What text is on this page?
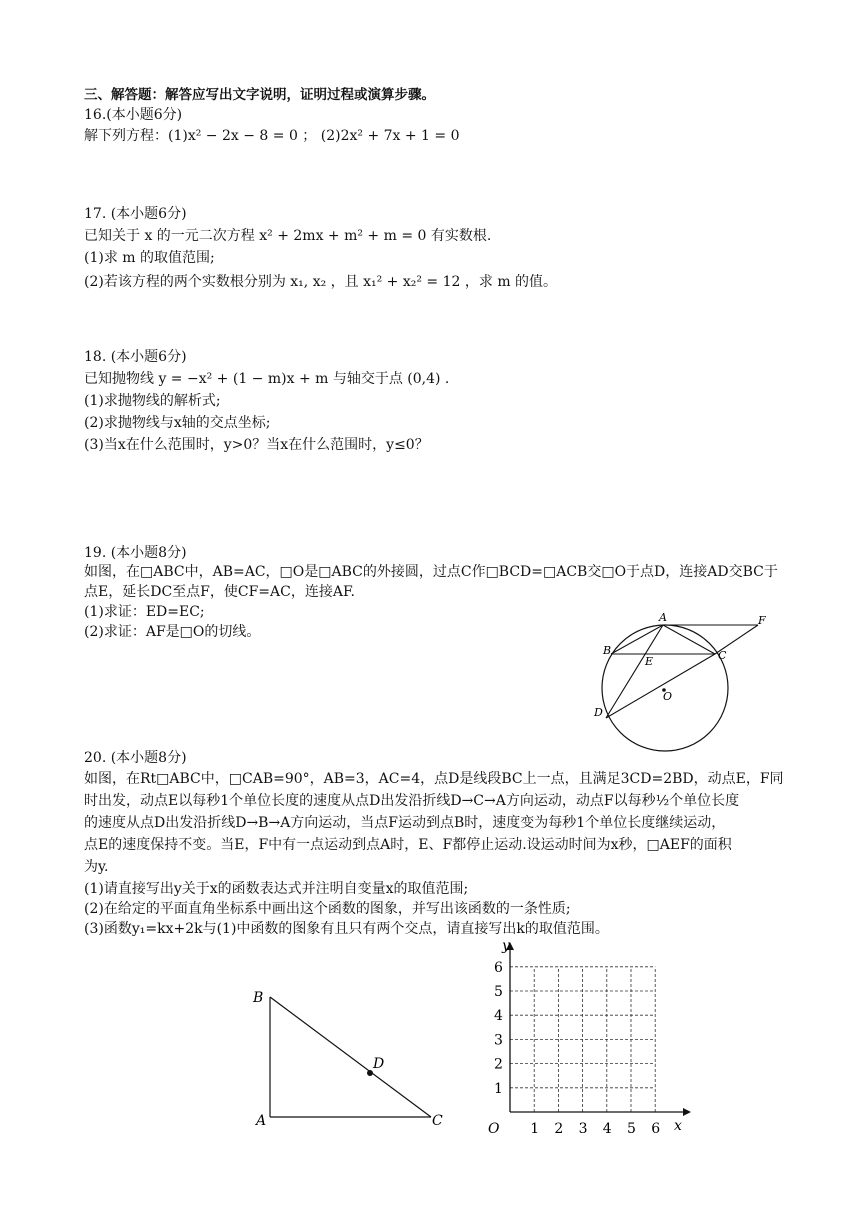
三、解答题：解答应写出文字说明，证明过程或演算步骤。
16.(本小题6分)
解下列方程：(1)x² − 2x − 8 = 0 ； (2)2x² + 7x + 1 = 0
17. (本小题6分)
已知关于 x 的一元二次方程 x² + 2mx + m² + m = 0 有实数根.
(1)求 m 的取值范围;
(2)若该方程的两个实数根分别为 x₁, x₂ ，且 x₁² + x₂² = 12 ，求 m 的值。
18. (本小题6分)
已知抛物线 y = −x² + (1 − m)x + m 与轴交于点 (0,4) .
(1)求抛物线的解析式;
(2)求抛物线与x轴的交点坐标;
(3)当x在什么范围时，y>0？当x在什么范围时，y≤0？
19. (本小题8分)
如图，在□ABC中，AB=AC，□O是□ABC的外接圆，过点C作□BCD=□ACB交□O于点D，连接AD交BC于
点E，延长DC至点F，使CF=AC，连接AF.
(1)求证：ED=EC;
(2)求证：AF是□O的切线。
A
B	C
D
E
F
O
20. (本小题8分)
如图，在Rt□ABC中，□CAB=90°，AB=3，AC=4，点D是线段BC上一点，且满足3CD=2BD，动点E，F同
时出发，动点E以每秒1个单位长度的速度从点D出发沿折线D→C→A方向运动，动点F以每秒½个单位长度
的速度从点D出发沿折线D→B→A方向运动，当点F运动到点B时，速度变为每秒1个单位长度继续运动，
点E的速度保持不变。当E，F中有一点运动到点A时，E、F都停止运动.设运动时间为x秒，□AEF的面积
为y.
(1)请直接写出y关于x的函数表达式并注明自变量x的取值范围;
(2)在给定的平面直角坐标系中画出这个函数的图象，并写出该函数的一条性质;
(3)函数y₁=kx+2k与(1)中函数的图象有且只有两个交点，请直接写出k的取值范围。
B
A	C
D
y
x
O 1 2 3 4 5 6
1
2
3
4
5
6
